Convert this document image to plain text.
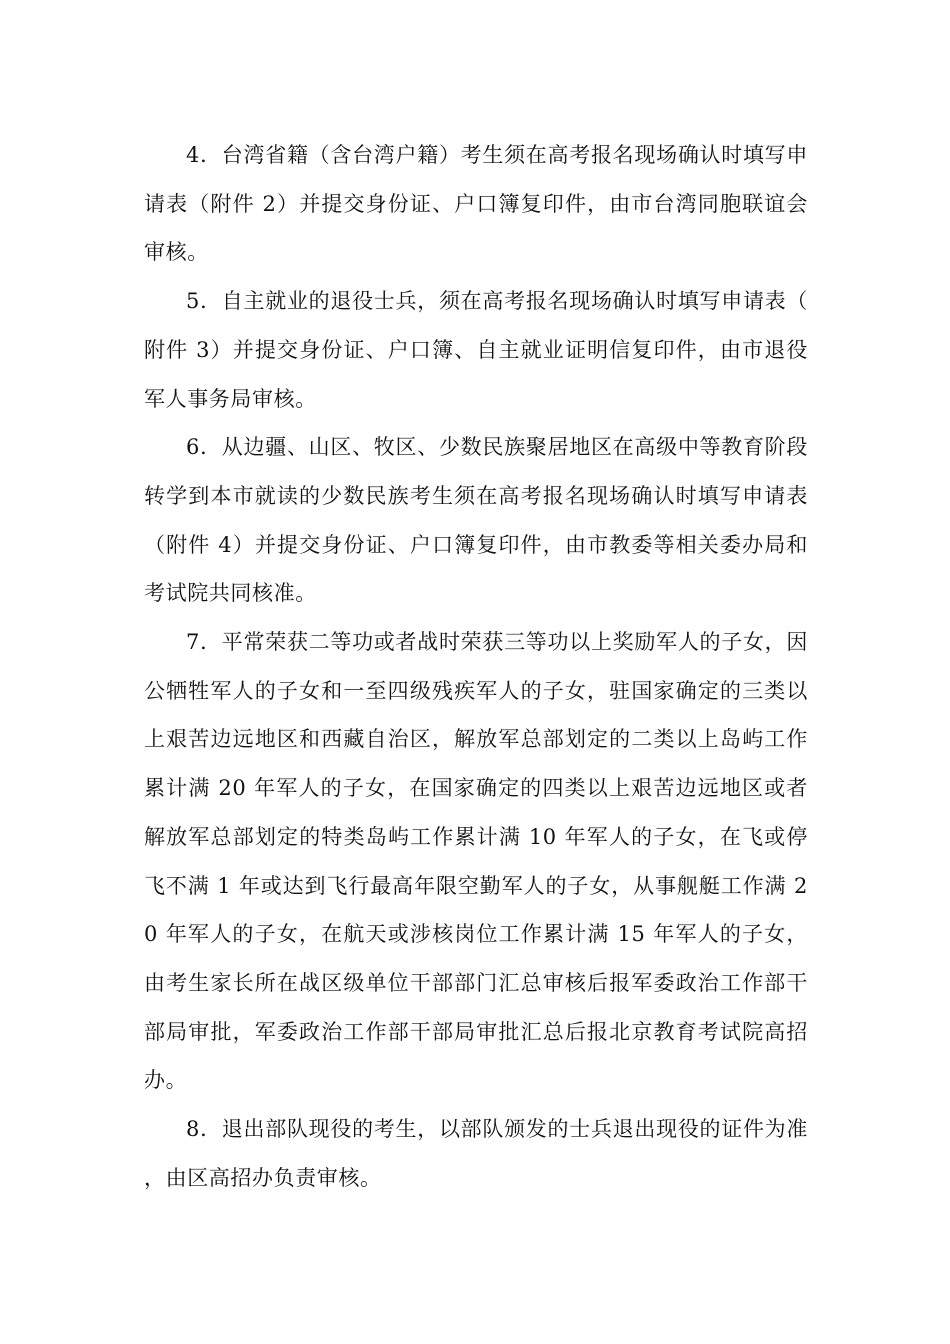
4．台湾省籍（含台湾户籍）考生须在高考报名现场确认时填写申请表（附件 2）并提交身份证、户口簿复印件，由市台湾同胞联谊会审核。

5．自主就业的退役士兵，须在高考报名现场确认时填写申请表（附件 3）并提交身份证、户口簿、自主就业证明信复印件，由市退役军人事务局审核。

6．从边疆、山区、牧区、少数民族聚居地区在高级中等教育阶段转学到本市就读的少数民族考生须在高考报名现场确认时填写申请表（附件 4）并提交身份证、户口簿复印件，由市教委等相关委办局和考试院共同核准。

7．平常荣获二等功或者战时荣获三等功以上奖励军人的子女，因公牺牲军人的子女和一至四级残疾军人的子女，驻国家确定的三类以上艰苦边远地区和西藏自治区，解放军总部划定的二类以上岛屿工作累计满 20 年军人的子女，在国家确定的四类以上艰苦边远地区或者解放军总部划定的特类岛屿工作累计满 10 年军人的子女，在飞或停飞不满 1 年或达到飞行最高年限空勤军人的子女，从事舰艇工作满 20 年军人的子女，在航天或涉核岗位工作累计满 15 年军人的子女，由考生家长所在战区级单位干部部门汇总审核后报军委政治工作部干部局审批，军委政治工作部干部局审批汇总后报北京教育考试院高招办。

8．退出部队现役的考生，以部队颁发的士兵退出现役的证件为准，由区高招办负责审核。
